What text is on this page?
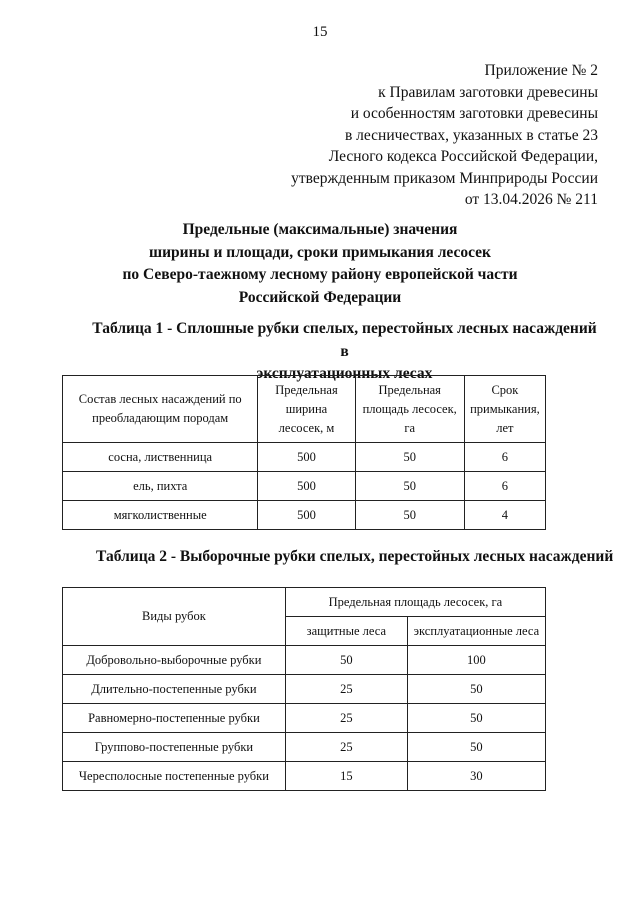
15
Приложение № 2
к Правилам заготовки древесины
и особенностям заготовки древесины
в лесничествах, указанных в статье 23
Лесного кодекса Российской Федерации,
утвержденным приказом Минприроды России
от 13.04.2026 № 211
Предельные (максимальные) значения
ширины и площади, сроки примыкания лесосек
по Северо-таежному лесному району европейской части
Российской Федерации
Таблица 1 - Сплошные рубки спелых, перестойных лесных насаждений в
эксплуатационных лесах
Состав лесных насаждений по преобладающим породам	Предельная ширина лесосек, м	Предельная площадь лесосек, га	Срок примыкания, лет
сосна, лиственница	500	50	6
ель, пихта	500	50	6
мягколиственные	500	50	4
Таблица 2 - Выборочные рубки спелых, перестойных лесных насаждений
Виды рубок	Предельная площадь лесосек, га	
	защитные леса	эксплуатационные леса
Добровольно-выборочные рубки	50	100
Длительно-постепенные рубки	25	50
Равномерно-постепенные рубки	25	50
Группово-постепенные рубки	25	50
Чересполосные постепенные рубки	15	30
